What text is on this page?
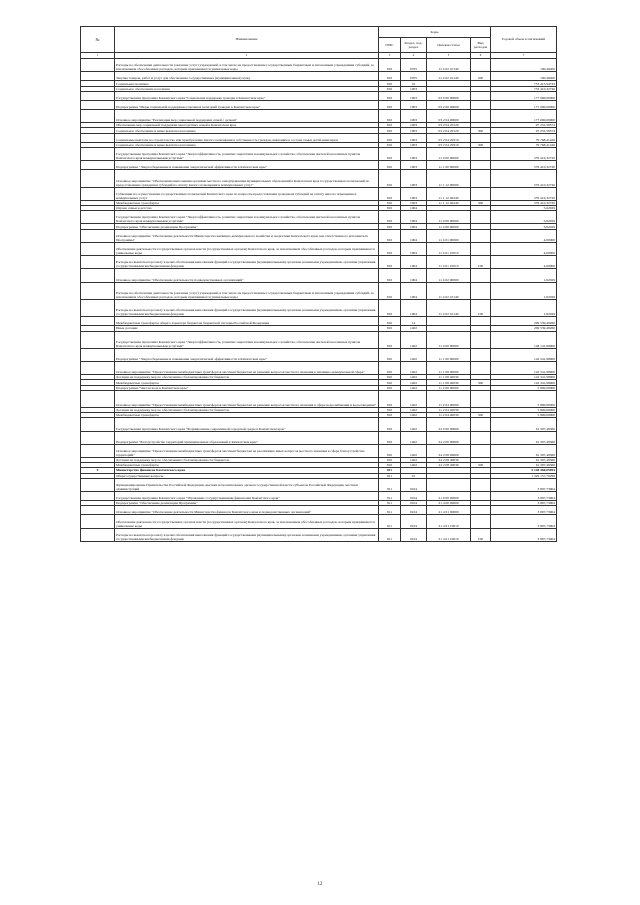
№	Наименование	Коды				Годовой объем ассигнований
		ГРБС	Раздел, под-раздел	Целевая статья	Вид расходов	
1	2	3	4	5	6	7
	Расходы на обеспечение деятельности (оказание услуг) учреждений, в том числе на предоставление государственным бюджетным и автономным учреждениям субсидий, за исключением обособленных расходов, которым присваиваются уникальные коды	810	0705	11 4 02 10140		190,49400
	Закупка товаров, работ и услуг для обеспечения государственных (муниципальных) нужд	810	0705	11 4 02 10140	200	190,49400
	Социальная политика	810	10			753 415,94743
	Социальное обеспечение населения	810	1003			753 410,32720
	Государственная программа Камчатского края "Социальная поддержка граждан в Камчатском крае"	810	1003	03 0 00 00000		177 000,00000
	Подпрограмма "Меры социальной поддержки отдельных категорий граждан в Камчатском крае"	810	1003	03 2 00 00000		177 000,00000
	Основное мероприятие "Реализация мер социальной поддержки семей с детьми"	810	1003	03 2 04 00000		177 000,00000
	Обеспечение мер социальной поддержки многодетных семей в Камчатском крае	810	1003	03 2 04 20120		97 231,58574
	Социальное обеспечение и иные выплаты населению	810	1003	03 2 04 20120	300	97 231,58574
	Социальные выплаты на строительство или приобретение жилого помещения в собственность граждан, имеющим в составе семьи детей-инвалидов	810	1003	03 2 04 20310		79 768,41426
	Социальное обеспечение и иные выплаты населению	810	1003	03 2 04 20310	300	79 768,41426
	Государственная программа Камчатского края "Энергоэффективность, развитие энергетики и коммунального хозяйства, обеспечение жителей населенных пунктов Камчатского края коммунальными услугами"	810	1003	11 0 00 00000		576 410,32720
	Подпрограмма "Энергосбережение и повышение энергетической эффективности в Камчатском крае"	810	1003	11 1 00 00000		576 410,32720
	Основное мероприятие "Обеспечение выполнения органами местного самоуправления муниципальных образований в Камчатском крае государственных полномочий по предоставлению гражданам субсидий на оплату жилого помещения и коммунальных услуг"	810	1003	11 1 12 00000		576 410,32720
	Субвенции на осуществление государственных полномочий Камчатского края по вопросам предоставления гражданам субсидий на оплату жилого помещения и коммунальных услуг	810	1003	11 1 12 40240		576 410,32720
	Межбюджетные трансферты	810	1003	11 1 12 40240	500	576 410,32720
	Охрана семьи и детства	810	1004			5,62029
	Государственная программа Камчатского края "Энергоэффективность, развитие энергетики и коммунального хозяйства, обеспечение жителей населенных пунктов Камчатского края коммунальными услугами"	810	1004	11 0 00 00000		5,62029
	Подпрограмма "Обеспечение реализации Программы"	810	1004	11 4 00 00000		5,62029
	Основное мероприятие "Обеспечение деятельности Министерства жилищно-коммунального хозяйства и энергетики Камчатского края, как ответственного исполнителя Программы"	810	1004	11 4 01 00000		4,00000
	Обеспечение деятельности государственных органов власти (государственных органов) Камчатского края, за исключением обособленных расходов, которым присваиваются уникальные коды	810	1004	11 4 01 10010		4,00000
	Расходы на выплаты персоналу в целях обеспечения выполнения функций государственными (муниципальными) органами, казенными учреждениями, органами управления государственными внебюджетными фондами	810	1004	11 4 01 10010	100	4,00000
	Основное мероприятие "Обеспечение деятельности подведомственных организаций"	810	1004	11 4 02 00000		1,62029
	Расходы на обеспечение деятельности (оказание услуг) учреждений, в том числе на предоставление государственным бюджетным и автономным учреждениям субсидий, за исключением обособленных расходов, которым присваиваются уникальные коды	810	1004	11 4 02 10140		1,62029
	Расходы на выплаты персоналу в целях обеспечения выполнения функций государственными (муниципальными) органами, казенными учреждениями, органами управления государственными внебюджетными фондами	810	1004	11 4 02 10140	100	1,62029
	Межбюджетные трансферты общего характера бюджетам бюджетной системы Российской Федерации	810	14			209 539,48260
	Иные дотации	810	1402			209 539,48260
	Государственная программа Камчатского края "Энергоэффективность, развитие энергетики и коммунального хозяйства, обеспечение жителей населенных пунктов Камчатского края коммунальными услугами"	810	1402	11 0 00 00000		148 141,98900
	Подпрограмма "Энергосбережение и повышение энергетической эффективности в Камчатском крае"	810	1402	11 1 00 00000		142 341,98900
	Основное мероприятие "Предоставление межбюджетных трансфертов местным бюджетам на решение вопросов местного значения в жилищно-коммунальной сфере"	810	1402	11 1 08 00000		142 341,98900
	Дотации на поддержку мер по обеспечению сбалансированности бюджетов	810	1402	11 1 08 40030		142 341,98900
	Межбюджетные трансферты	810	1402	11 1 08 40030	500	142 341,98900
	Подпрограмма "Чистая вода в Камчатском крае"	810	1402	11 2 00 00000		5 800,00000
	Основное мероприятие "Предоставление межбюджетных трансфертов местным бюджетам на решение вопросов местного значения в сфере водоснабжения и водоотведения"	810	1402	11 2 04 00000		5 800,00000
	Дотации на поддержку мер по обеспечению сбалансированности бюджетов	810	1402	11 2 04 40030		5 800,00000
	Межбюджетные трансферты	810	1402	11 2 04 40030	500	5 800,00000
	Государственная программа Камчатского края "Формирование современной городской среды в Камчатском крае"	810	1402	24 0 00 00000		61 397,49360
	Подпрограмма "Благоустройство территорий муниципальных образований в Камчатском крае"	810	1402	24 2 00 00000		61 397,49360
	Основное мероприятие "Предоставление межбюджетных трансфертов местным бюджетам на реализацию иных вопросов местного значения в сфере благоустройства территорий"	810	1402	24 2 08 00000		61 397,49360
	Дотации на поддержку мер по обеспечению сбалансированности бюджетов	810	1402	24 2 08 40030		61 397,49360
	Межбюджетные трансферты	810	1402	24 2 08 40030	500	61 397,49360
9	Министерство финансов Камчатского края	811				5 148 460,05094
	Общегосударственные вопросы	811	01			1 329 157,70299
	Функционирование Правительства Российской Федерации, высших исполнительных органов государственной власти субъектов Российской Федерации, местных администраций	811	0104			3 897,73904
	Государственная программа Камчатского края "Управление государственными финансами Камчатского края"	811	0104	21 0 00 00000		3 897,73904
	Подпрограмма "Обеспечение реализации Программы"	811	0104	21 4 00 00000		3 897,73904
	Основное мероприятие "Обеспечение деятельности Министерства финансов Камчатского края и подведомственных организаций"	811	0104	21 4 01 00000		3 897,73904
	Обеспечение деятельности государственных органов власти (государственных органов) Камчатского края, за исключением обособленных расходов, которым присваиваются уникальные коды	811	0104	21 4 01 10010		3 897,73904
	Расходы на выплаты персоналу в целях обеспечения выполнения функций государственными (муниципальными) органами, казенными учреждениями, органами управления государственными внебюджетными фондами	811	0104	21 4 01 10010	100	3 897,73904
12
